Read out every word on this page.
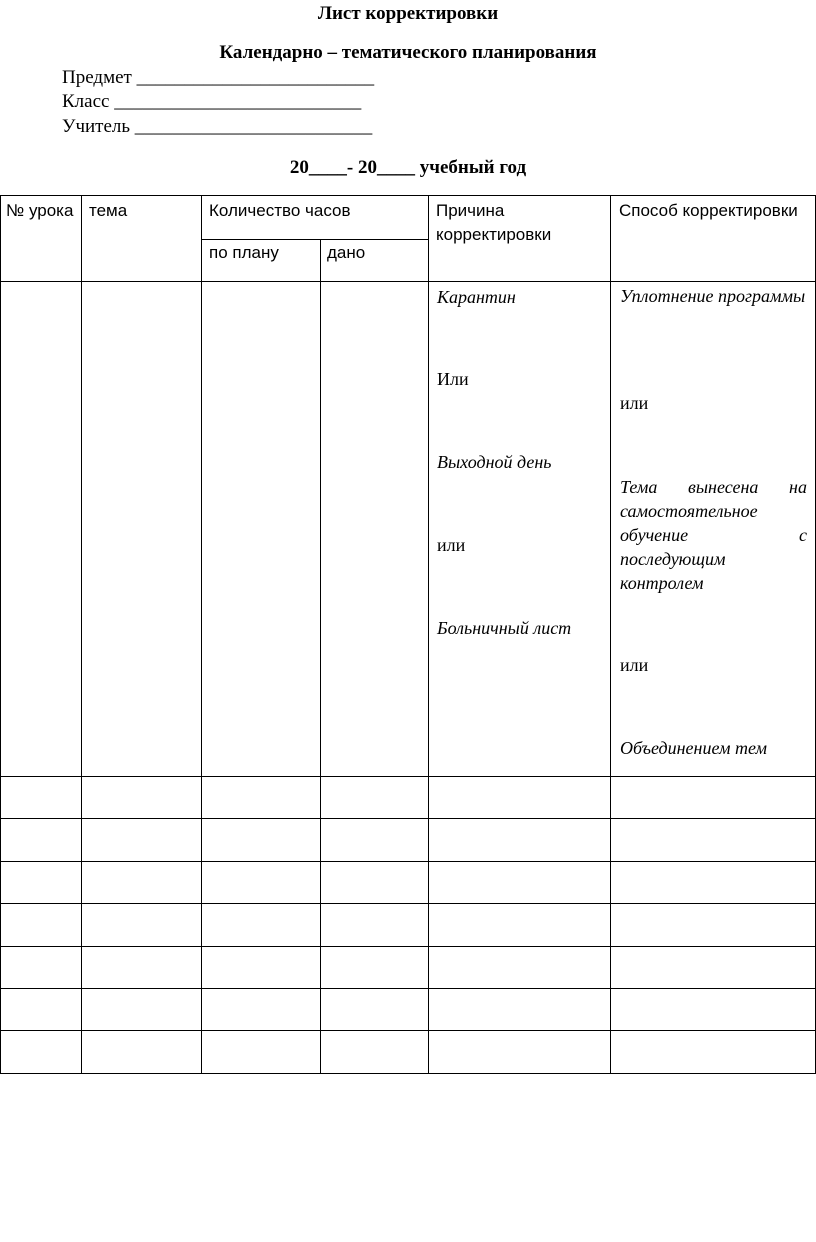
Лист корректировки
Календарно – тематического планирования
Предмет _________________________
Класс __________________________
Учитель _________________________
20____- 20____ учебный год
№ урока тема	Количество часов
по плану	дано
Причина корректировки
Способ корректировки
Карантин
Или
Выходной день
или
Больничный лист
Уплотнение программы
или
Тема вынесена на самостоятельное обучение с последующим контролем
или
Объединением тем
